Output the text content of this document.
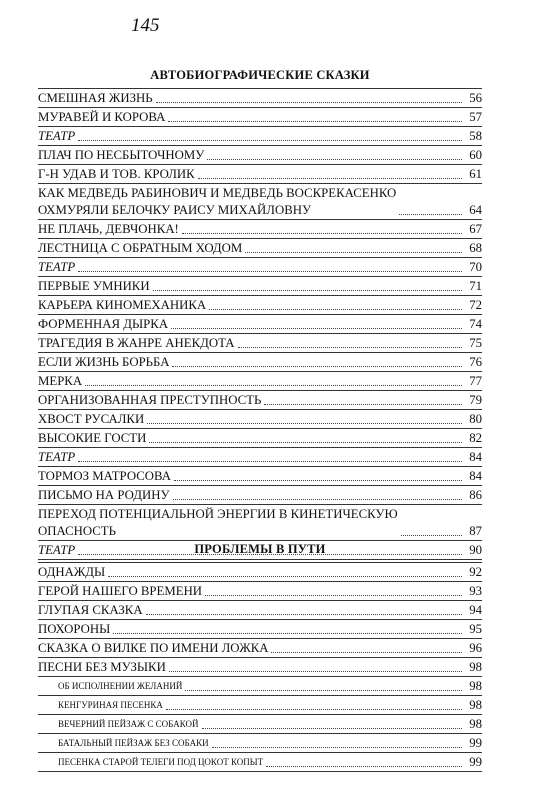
145
АВТОБИОГРАФИЧЕСКИЕ СКАЗКИ
СМЕШНАЯ ЖИЗНЬ	56
МУРАВЕЙ И КОРОВА	57
ТЕАТР	58
ПЛАЧ ПО НЕСБЫТОЧНОМУ	60
Г-Н УДАВ И ТОВ. КРОЛИК	61
КАК МЕДВЕДЬ РАБИНОВИЧ И МЕДВЕДЬ ВОСКРЕКАСЕНКО
ОХМУРЯЛИ БЕЛОЧКУ РАИСУ МИХАЙЛОВНУ	64
НЕ ПЛАЧЬ, ДЕВЧОНКА!	67
ЛЕСТНИЦА С ОБРАТНЫМ ХОДОМ	68
ТЕАТР	70
ПЕРВЫЕ УМНИКИ	71
КАРЬЕРА КИНОМЕХАНИКА	72
ФОРМЕННАЯ ДЫРКА	74
ТРАГЕДИЯ В ЖАНРЕ АНЕКДОТА	75
ЕСЛИ ЖИЗНЬ БОРЬБА	76
МЕРКА	77
ОРГАНИЗОВАННАЯ ПРЕСТУПНОСТЬ	79
ХВОСТ РУСАЛКИ	80
ВЫСОКИЕ ГОСТИ	82
ТЕАТР	84
ТОРМОЗ МАТРОСОВА	84
ПИСЬМО НА РОДИНУ	86
ПЕРЕХОД ПОТЕНЦИАЛЬНОЙ ЭНЕРГИИ В КИНЕТИЧЕСКУЮ
ОПАСНОСТЬ	87
ТЕАТР	90
ПРОБЛЕМЫ В ПУТИ
ОДНАЖДЫ	92
ГЕРОЙ НАШЕГО ВРЕМЕНИ	93
ГЛУПАЯ СКАЗКА	94
ПОХОРОНЫ	95
СКАЗКА О ВИЛКЕ ПО ИМЕНИ ЛОЖКА	96
ПЕСНИ БЕЗ МУЗЫКИ	98
ОБ ИСПОЛНЕНИИ ЖЕЛАНИЙ	98
КЕНГУРИНАЯ ПЕСЕНКА	98
ВЕЧЕРНИЙ ПЕЙЗАЖ С СОБАКОЙ	98
БАТАЛЬНЫЙ ПЕЙЗАЖ БЕЗ СОБАКИ	99
ПЕСЕНКА СТАРОЙ ТЕЛЕГИ ПОД ЦОКОТ КОПЫТ	99
